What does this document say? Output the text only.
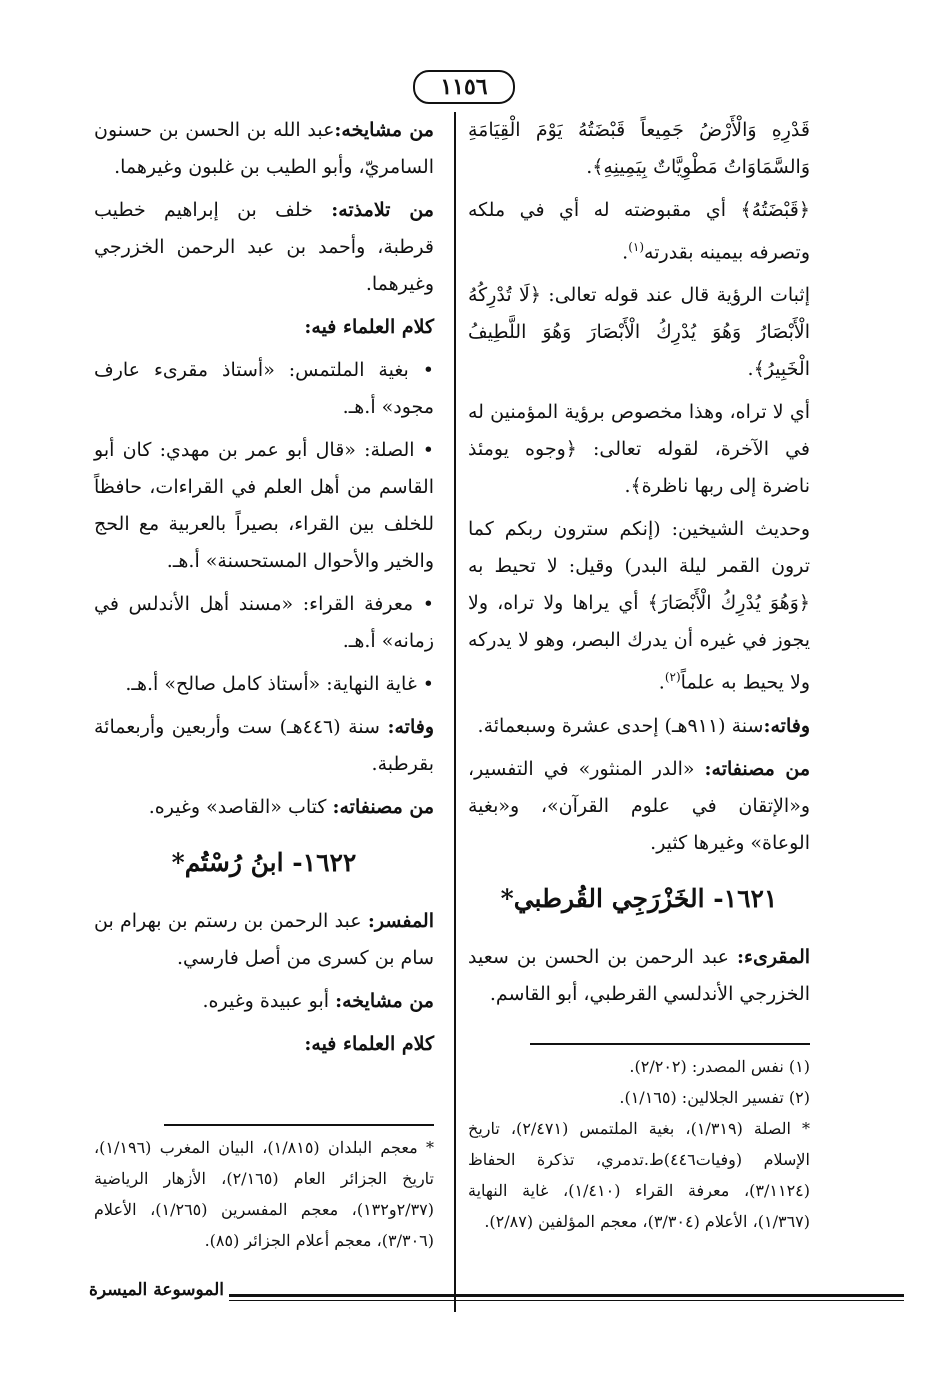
١١٥٦

قَدْرِهِ وَالْأَرْضُ جَمِيعاً قَبْضَتُهُ يَوْمَ الْقِيَامَةِ وَالسَّمَاوَاتُ مَطْوِيَّاتٌ بِيَمِينِهِ﴾.

﴿قَبْضَتُهُ﴾ أي مقبوضته له أي في ملكه وتصرفه بيمينه بقدرته$^{(١)}$.

إثبات الرؤية قال عند قوله تعالى: ﴿لَا تُدْرِكُهُ الْأَبْصَارُ وَهُوَ يُدْرِكُ الْأَبْصَارَ وَهُوَ اللَّطِيفُ الْخَبِيرُ﴾.

أي لا تراه، وهذا مخصوص برؤية المؤمنين له في الآخرة، لقوله تعالى: ﴿وجوه يومئذ ناضرة إلى ربها ناظرة﴾.

وحديث الشيخين: (إنكم سترون ربكم كما ترون القمر ليلة البدر) وقيل: لا تحيط به ﴿وَهُوَ يُدْرِكُ الْأَبْصَارَ﴾ أي يراها ولا تراه، ولا يجوز في غيره أن يدرك البصر، وهو لا يدركه ولا يحيط به علماً$^{(٢)}$.

وفاته:سنة (٩١١هـ) إحدى عشرة وسبعمائة.

من مصنفاته: «الدر المنثور» في التفسير، و«الإتقان في علوم القرآن»، و«بغية الوعاة» وغيرها كثير.

١٦٢١- الخَزْرَجِي القُرطبي*

المقرىء: عبد الرحمن بن الحسن بن سعيد الخزرجي الأندلسي القرطبي، أبو القاسم.

(١) نفس المصدر: (٢/٢٠٢).

(٢) تفسير الجلالين: (١/١٦٥).

* الصلة (١/٣١٩)، بغية الملتمس (٢/٤٧١)، تاريخ الإسلام (وفيات٤٤٦)ط.تدمري، تذكرة الحفاظ (٣/١١٢٤)، معرفة القراء (١/٤١٠)، غاية النهاية (١/٣٦٧)، الأعلام (٣/٣٠٤)، معجم المؤلفين (٢/٨٧).

من مشايخه:عبد الله بن الحسن بن حسنون السامريّ، وأبو الطيب بن غلبون وغيرهما.

من تلامذته: خلف بن إبراهيم خطيب قرطبة، وأحمد بن عبد الرحمن الخزرجي وغيرهما.

كلام العلماء فيه:

• بغية الملتمس: «أستاذ مقرىء عارف مجود» أ.هـ.

• الصلة: «قال أبو عمر بن مهدي: كان أبو القاسم من أهل العلم في القراءات، حافظاً للخلف بين القراء، بصيراً بالعربية مع الحج والخير والأحوال المستحسنة» أ.هـ.

• معرفة القراء: «مسند أهل الأندلس في زمانه» أ.هـ.

• غاية النهاية: «أستاذ كامل صالح» أ.هـ.

وفاته: سنة (٤٤٦هـ) ست وأربعين وأربعمائة بقرطبة.

من مصنفاته: كتاب «القاصد» وغيره.

١٦٢٢- ابنُ رُسْتُم*

المفسر: عبد الرحمن بن رستم بن بهرام بن سام بن كسرى من أصل فارسي.

من مشايخه: أبو عبيدة وغيره.

كلام العلماء فيه:

* معجم البلدان (١/٨١٥)، البيان المغرب (١/١٩٦)، تاريخ الجزائر العام (٢/١٦٥)، الأزهار الرياضية (٢/٣٧و١٣٢)، معجم المفسرين (١/٢٦٥)، الأعلام (٣/٣٠٦)، معجم أعلام الجزائر (٨٥).

الموسوعة الميسرة
